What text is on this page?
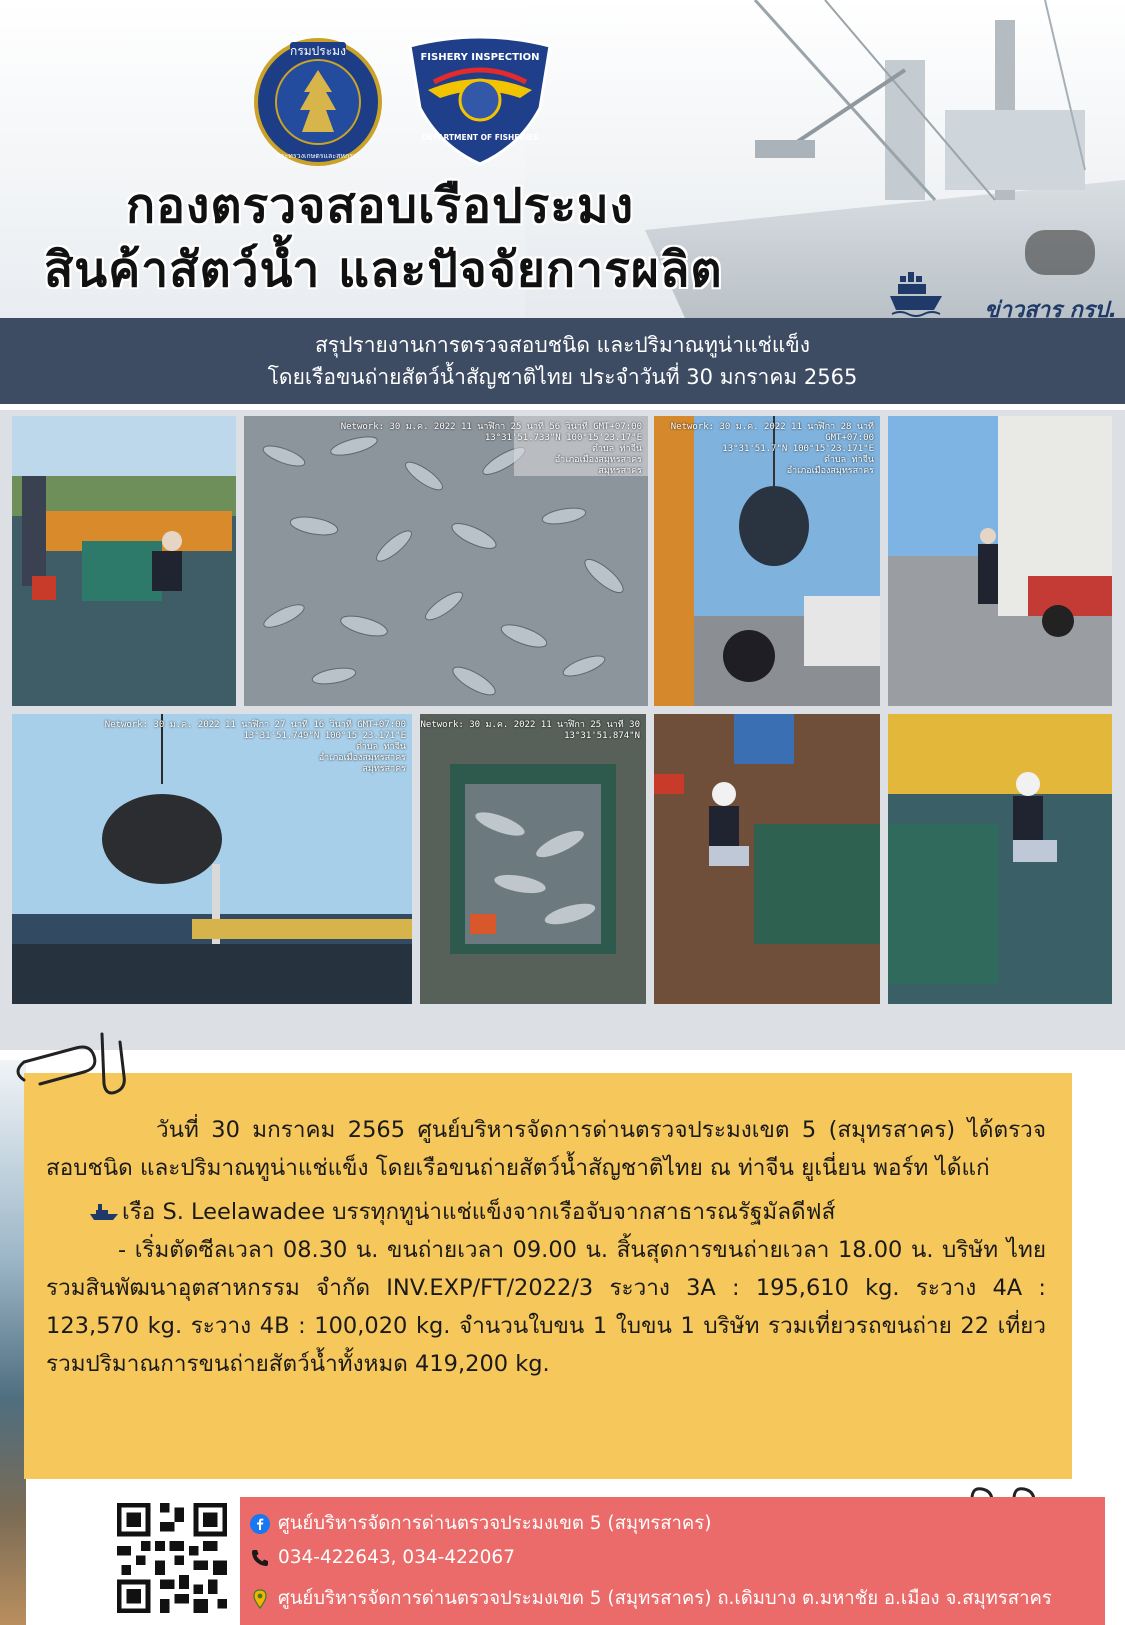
กรมประมง
กระทรวงเกษตรและสหกรณ์
FISHERY INSPECTION
DEPARTMENT OF FISHERIES
กองตรวจสอบเรือประมง
สินค้าสัตว์น้ำ และปัจจัยการผลิต
ข่าวสาร กรป.
สรุปรายงานการตรวจสอบชนิด และปริมาณทูน่าแช่แข็ง
โดยเรือขนถ่ายสัตว์น้ำสัญชาติไทย ประจำวันที่ 30 มกราคม 2565
Network: 30 ม.ค. 2022 11 นาฬิกา 25 นาที 56 วินาที GMT+07:00
13°31'51.733"N 100°15'23.17"E
ตำบล ท่าจีน
อำเภอเมืองสมุทรสาคร
สมุทรสาคร
Network: 30 ม.ค. 2022 11 นาฬิกา 28 นาที GMT+07:00
13°31'51.7"N 100°15'23.171"E
ตำบล ท่าจีน
อำเภอเมืองสมุทรสาคร
Network: 30 ม.ค. 2022 11 นาฬิกา 27 นาที 16 วินาที GMT+07:00
13°31'51.749"N 100°15'23.171"E
ตำบล ท่าจีน
อำเภอเมืองสมุทรสาคร
สมุทรสาคร
Network: 30 ม.ค. 2022 11 นาฬิกา 25 นาที 30
13°31'51.874"N

วันที่ 30 มกราคม 2565 ศูนย์บริหารจัดการด่านตรวจประมงเขต 5 (สมุทรสาคร) ได้ตรวจสอบชนิด และปริมาณทูน่าแช่แข็ง โดยเรือขนถ่ายสัตว์น้ำสัญชาติไทย ณ ท่าจีน ยูเนี่ยน พอร์ท ได้แก่

เรือ S. Leelawadee บรรทุกทูน่าแช่แข็งจากเรือจับจากสาธารณรัฐมัลดีฟส์

- เริ่มตัดซีลเวลา 08.30 น. ขนถ่ายเวลา 09.00 น. สิ้นสุดการขนถ่ายเวลา 18.00 น. บริษัท ไทยรวมสินพัฒนาอุตสาหกรรม จำกัด INV.EXP/FT/2022/3 ระวาง 3A : 195,610 kg. ระวาง 4A : 123,570 kg. ระวาง 4B : 100,020 kg. จำนวนใบขน 1 ใบขน 1 บริษัท รวมเที่ยวรถขนถ่าย 22 เที่ยว รวมปริมาณการขนถ่ายสัตว์น้ำทั้งหมด 419,200 kg.

ศูนย์บริหารจัดการด่านตรวจประมงเขต 5 (สมุทรสาคร)
034-422643, 034-422067
ศูนย์บริหารจัดการด่านตรวจประมงเขต 5 (สมุทรสาคร) ถ.เดิมบาง ต.มหาชัย อ.เมือง จ.สมุทรสาคร
